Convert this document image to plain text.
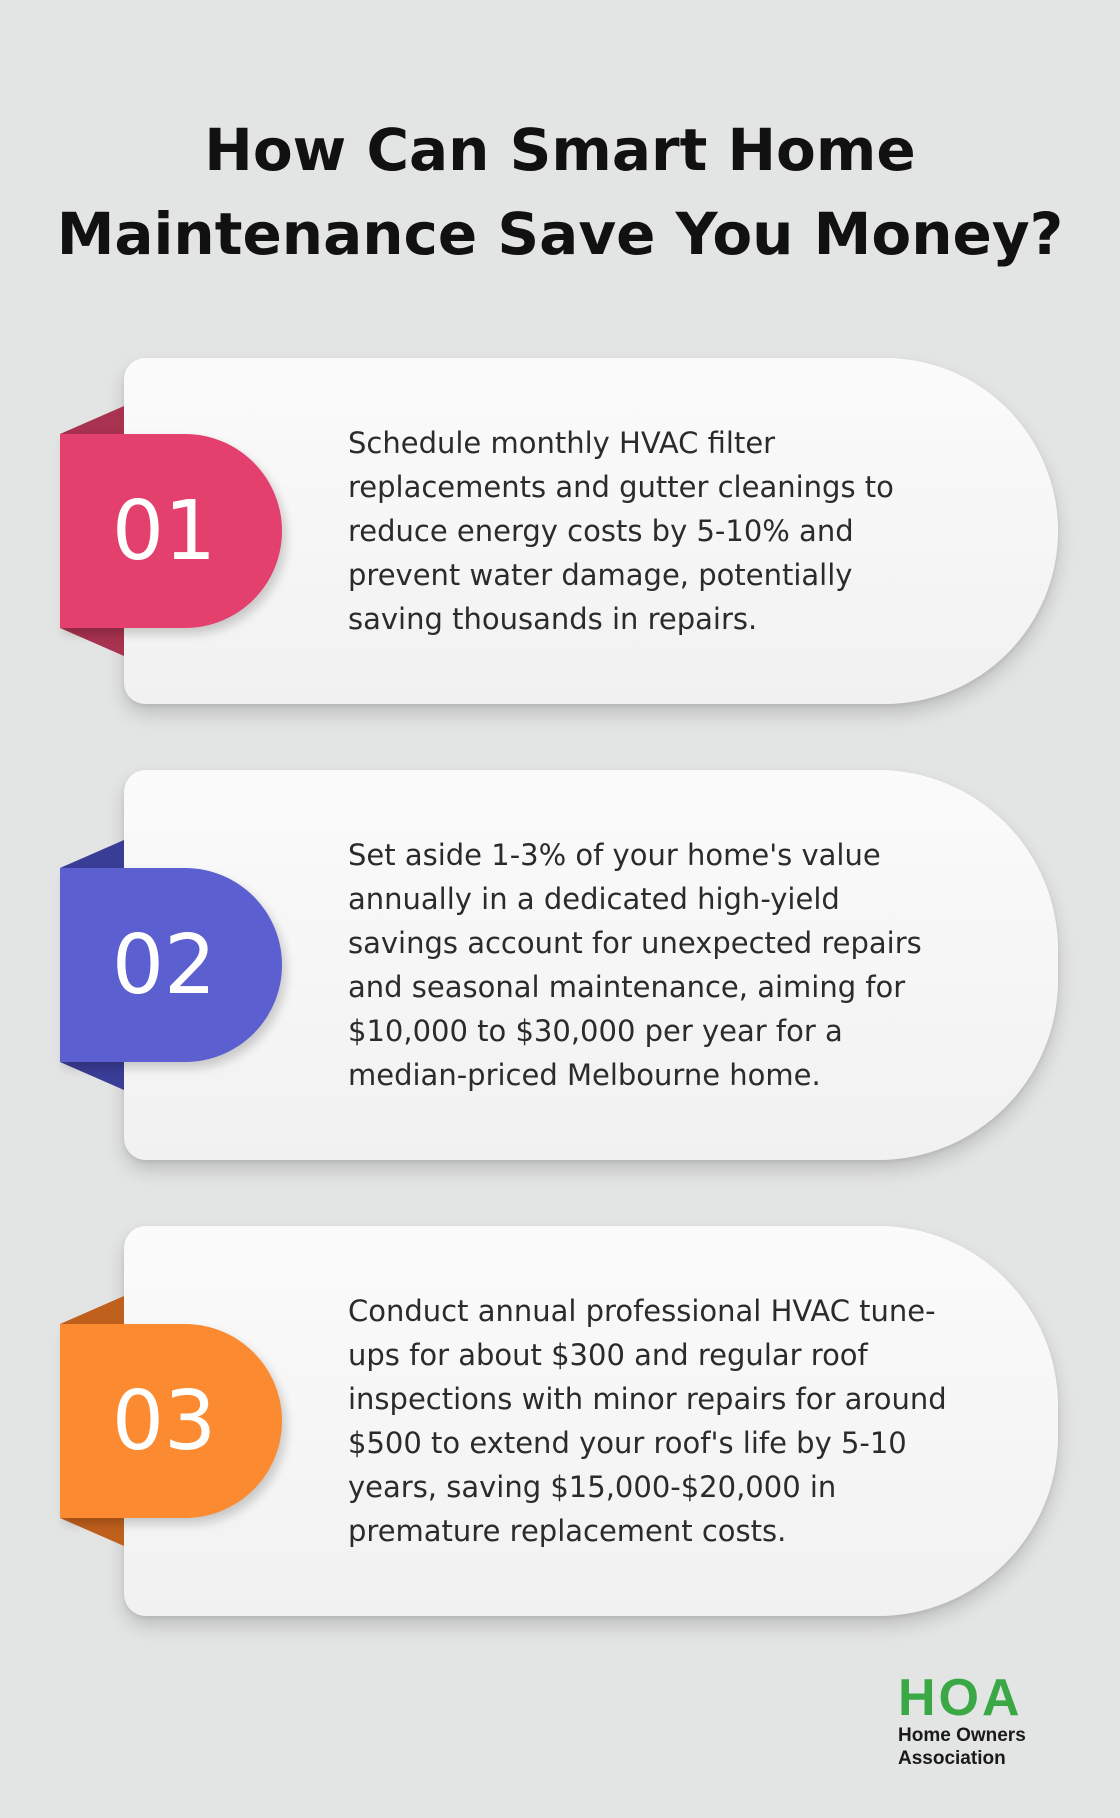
How Can Smart Home
Maintenance Save You Money?

Schedule monthly HVAC filter replacements and gutter cleanings to reduce energy costs by 5-10% and prevent water damage, potentially saving thousands in repairs.

01

Set aside 1-3% of your home's value annually in a dedicated high-yield savings account for unexpected repairs and seasonal maintenance, aiming for $10,000 to $30,000 per year for a median-priced Melbourne home.

02

Conduct annual professional HVAC tune-ups for about $300 and regular roof inspections with minor repairs for around $500 to extend your roof's life by 5-10 years, saving $15,000-$20,000 in premature replacement costs.

03
HOA
Home Owners
Association
